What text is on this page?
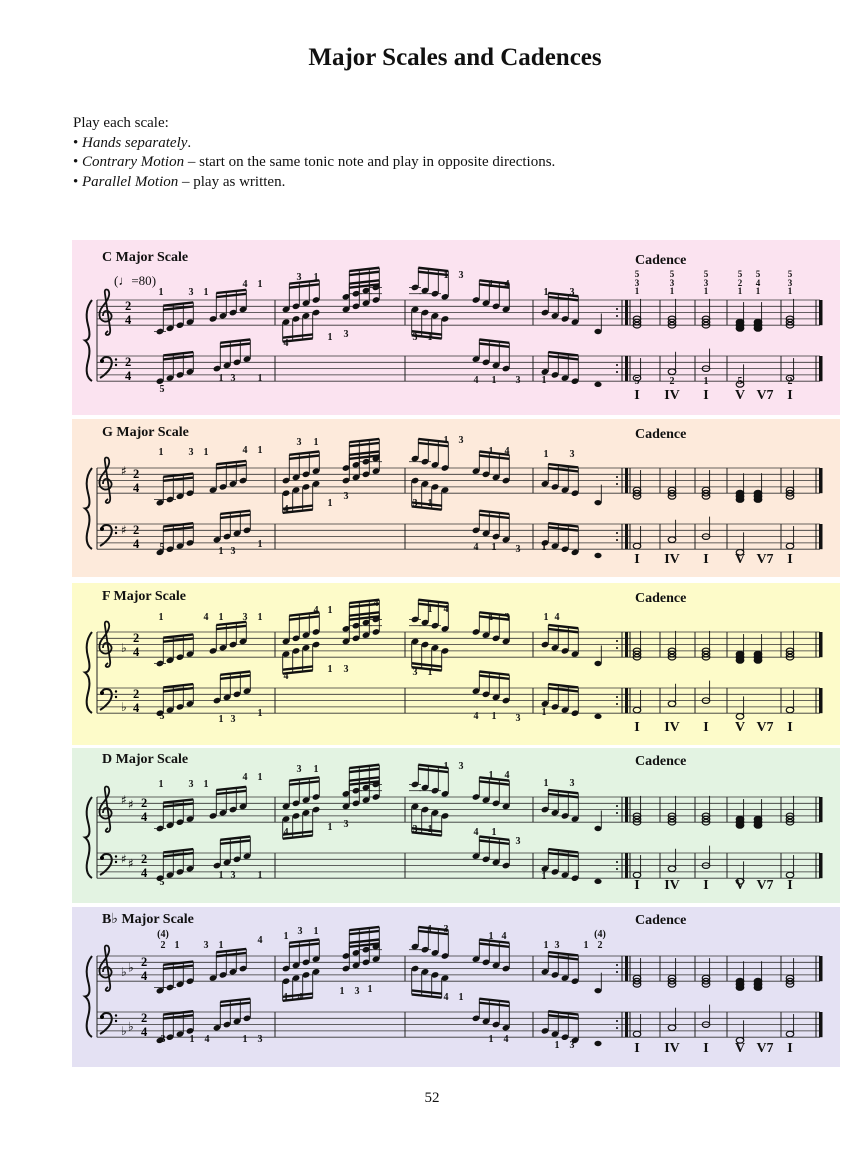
Major Scales and Cadences
Play each scale:
• Hands separately.
• Contrary Motion – start on the same tonic note and play in opposite directions.
• Parallel Motion – play as written.
C Major Scale	Cadence
(♩=80)
1	3 1
4 1
3 1
4
1 3
1 3
3 1
1 4
1 3
5
1 3 1	4 1 3 1
5
3
1
5
3
1
5
3
1
5
2
1
5
4
1
5
3
1
5	2	1	5	2
I IV I V V7 I
G Major Scale	Cadence
1	3 1	4 1
3 1
4
1
3
1 3
1 4
3 1
1 3
5	1 3
1	4 1 3 1
I IV I V V7 I
F Major Scale	Cadence
1	4 1 3 1
4 1
4
1 4
1 3	1 4
4
1 3	3 1
5	1 3
1	4 1 3
1
I IV I V V7 I
D Major Scale	Cadence
1	3 1
4 1
3 1	1 3
1 4
1 3
4	1 3	3 1	4 1
3
5
1 3 1	1
I IV I V V7 I
B♭ Major Scale	Cadence
(4)
2 1 3 1	4 1 3 1	1 3
1 4
1 3 1
(4)
2
1 4
1 3 1
4 1
3 1 4	1 3	1 4
1 3	I IV I V V7 I
52
2
4
2
4
♯ 2
4
♯ 2
4
♭
2
4
♭
2
4
♯ ♯ 2
4
♯ ♯ 2
4
♭ ♭ 2
4
♭ ♭
2
4
